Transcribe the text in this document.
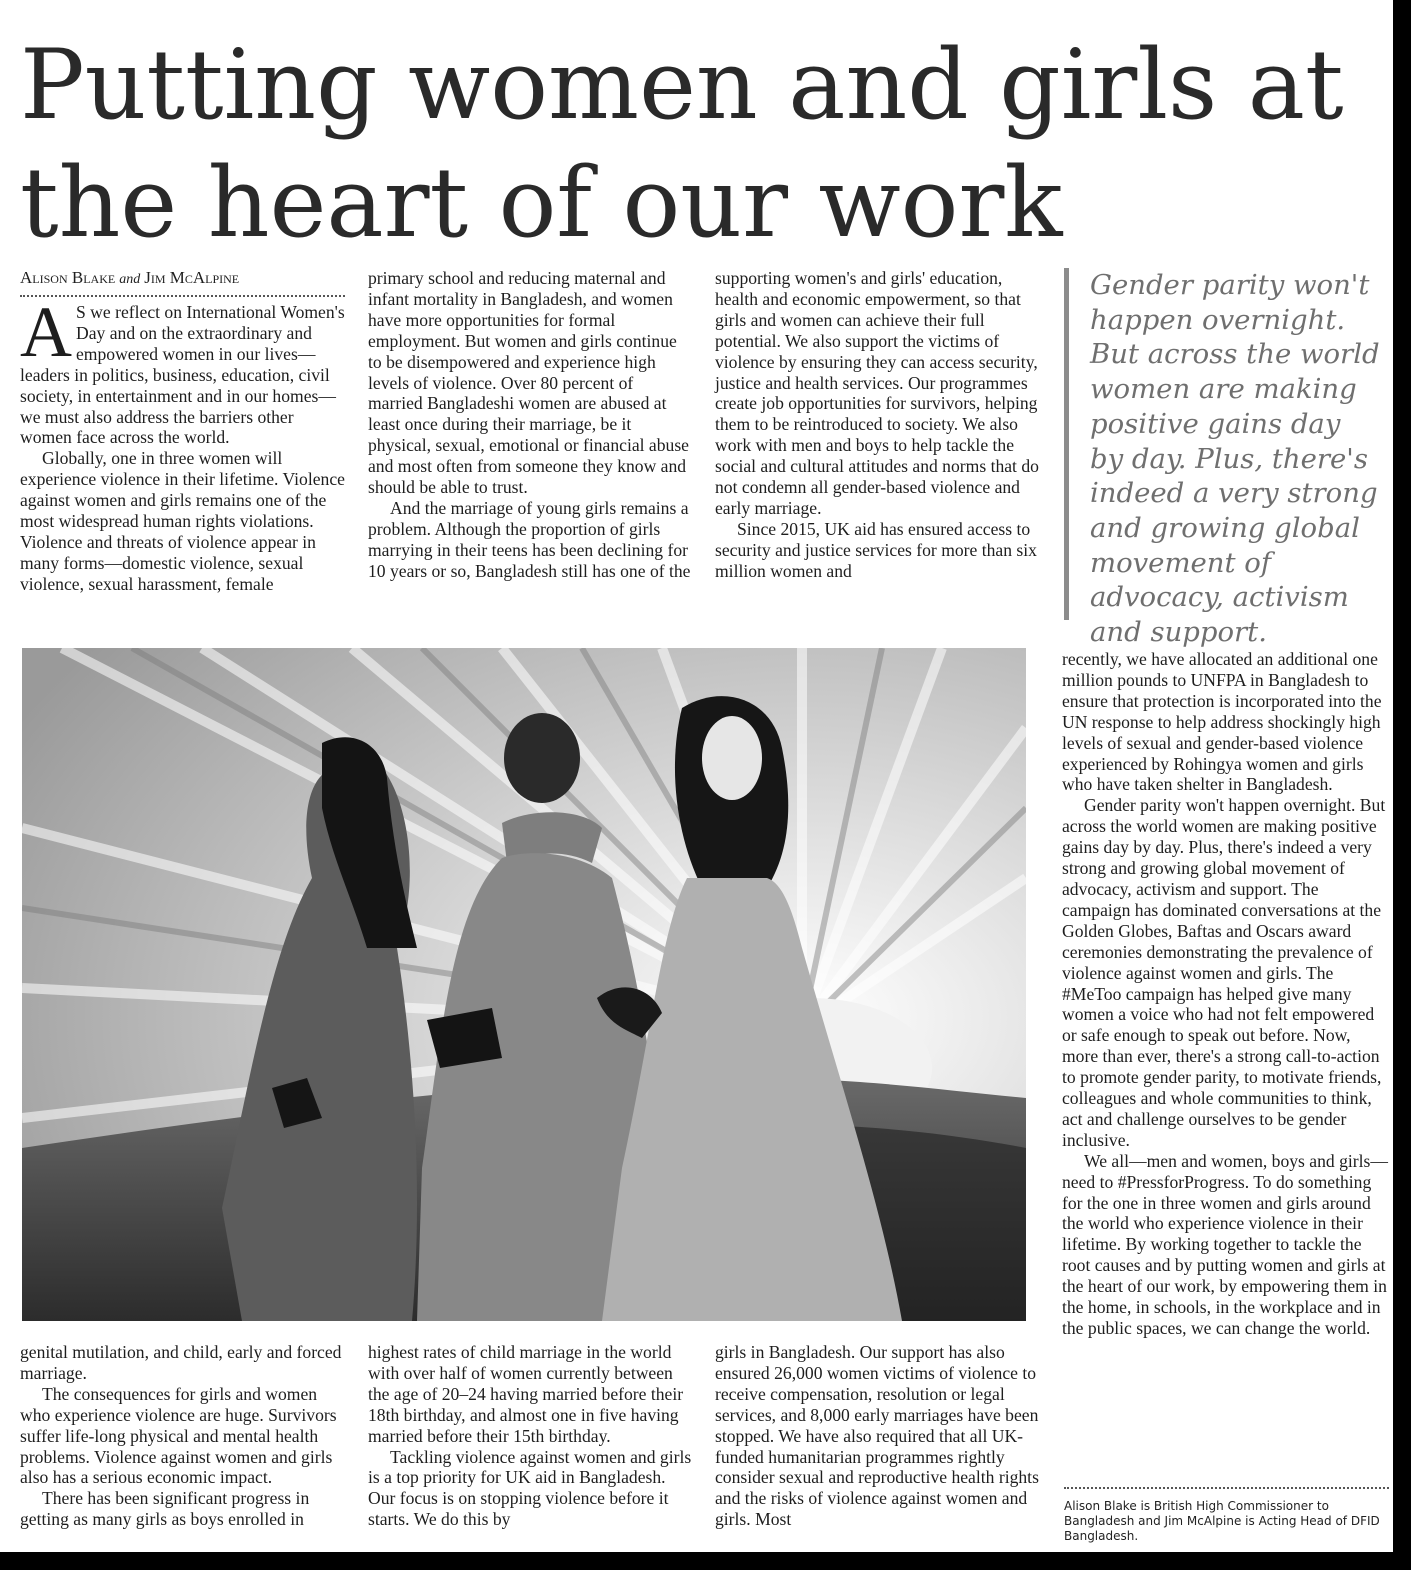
Putting women and girls at the heart of our work
Alison Blake and Jim McAlpine

A S we reflect on International Women's Day and on the extraordinary and empowered women in our lives—leaders in politics, business, education, civil society, in entertainment and in our homes—we must also address the barriers other women face across the world.

Globally, one in three women will experience violence in their lifetime. Violence against women and girls remains one of the most widespread human rights violations. Violence and threats of violence appear in many forms—domestic violence, sexual violence, sexual harassment, female

primary school and reducing maternal and infant mortality in Bangladesh, and women have more opportunities for formal employment. But women and girls continue to be disempowered and experience high levels of violence. Over 80 percent of married Bangladeshi women are abused at least once during their marriage, be it physical, sexual, emotional or financial abuse and most often from someone they know and should be able to trust.

And the marriage of young girls remains a problem. Although the proportion of girls marrying in their teens has been declining for 10 years or so, Bangladesh still has one of the

supporting women's and girls' education, health and economic empowerment, so that girls and women can achieve their full potential. We also support the victims of violence by ensuring they can access security, justice and health services. Our programmes create job opportunities for survivors, helping them to be reintroduced to society. We also work with men and boys to help tackle the social and cultural attitudes and norms that do not condemn all gender-based violence and early marriage.

Since 2015, UK aid has ensured access to security and justice services for more than six million women and

Gender parity won't happen overnight. But across the world women are making positive gains day by day. Plus, there's indeed a very strong and growing global movement of advocacy, activism and support.

recently, we have allocated an additional one million pounds to UNFPA in Bangladesh to ensure that protection is incorporated into the UN response to help address shockingly high levels of sexual and gender-based violence experienced by Rohingya women and girls who have taken shelter in Bangladesh.

Gender parity won't happen overnight. But across the world women are making positive gains day by day. Plus, there's indeed a very strong and growing global movement of advocacy, activism and support. The campaign has dominated conversations at the Golden Globes, Baftas and Oscars award ceremonies demonstrating the prevalence of violence against women and girls. The #MeToo campaign has helped give many women a voice who had not felt empowered or safe enough to speak out before. Now, more than ever, there's a strong call-to-action to promote gender parity, to motivate friends, colleagues and whole communities to think, act and challenge ourselves to be gender inclusive.

We all—men and women, boys and girls—need to #PressforProgress. To do something for the one in three women and girls around the world who experience violence in their lifetime. By working together to tackle the root causes and by putting women and girls at the heart of our work, by empowering them in the home, in schools, in the workplace and in the public spaces, we can change the world.

genital mutilation, and child, early and forced marriage.

The consequences for girls and women who experience violence are huge. Survivors suffer life-long physical and mental health problems. Violence against women and girls also has a serious economic impact.

There has been significant progress in getting as many girls as boys enrolled in

highest rates of child marriage in the world with over half of women currently between the age of 20–24 having married before their 18th birthday, and almost one in five having married before their 15th birthday.

Tackling violence against women and girls is a top priority for UK aid in Bangladesh. Our focus is on stopping violence before it starts. We do this by

girls in Bangladesh. Our support has also ensured 26,000 women victims of violence to receive compensation, resolution or legal services, and 8,000 early marriages have been stopped. We have also required that all UK-funded humanitarian programmes rightly consider sexual and reproductive health rights and the risks of violence against women and girls. Most

Alison Blake is British High Commissioner to Bangladesh and Jim McAlpine is Acting Head of DFID Bangladesh.
